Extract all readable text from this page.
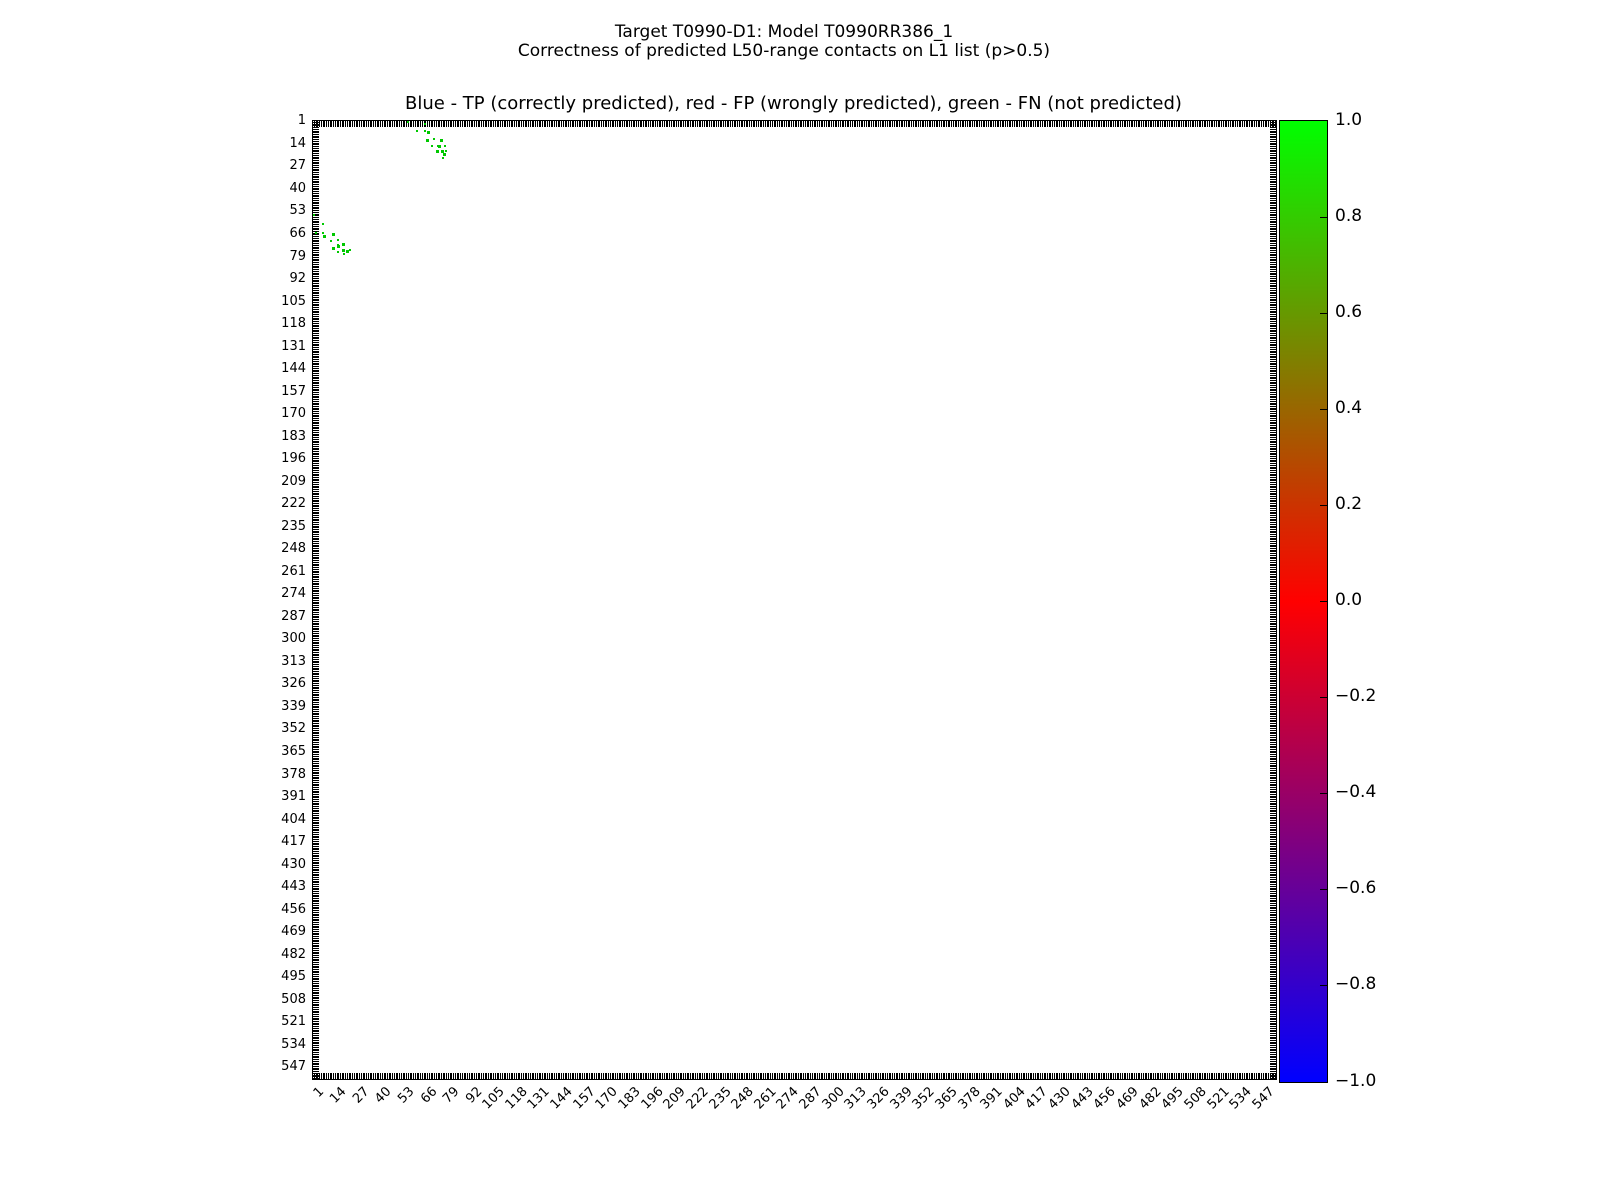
Target T0990-D1: Model T0990RR386_1
Correctness of predicted L50-range contacts on L1 list (p>0.5)
Blue - TP (correctly predicted), red - FP (wrongly predicted), green - FN (not predicted)
1
14
27
40
53
66
79
92
105
118
131
144
157
170
183
196
209
222
235
248
261
274
287
300
313
326
339
352
365
378
391
404
417
430
443
456
469
482
495
508
521
534
547
1 14 27 40 53 66 79 92
105
118
131
144
157
170
183
196
209
222
235
248
261
274
287
300
313
326
339
352
365
378
391
404
417
430
443
456
469
482
495
508
521
534
547
1.0
0.8
0.6
0.4
0.2
0.0
−0.2
−0.4
−0.6
−0.8
−1.0
